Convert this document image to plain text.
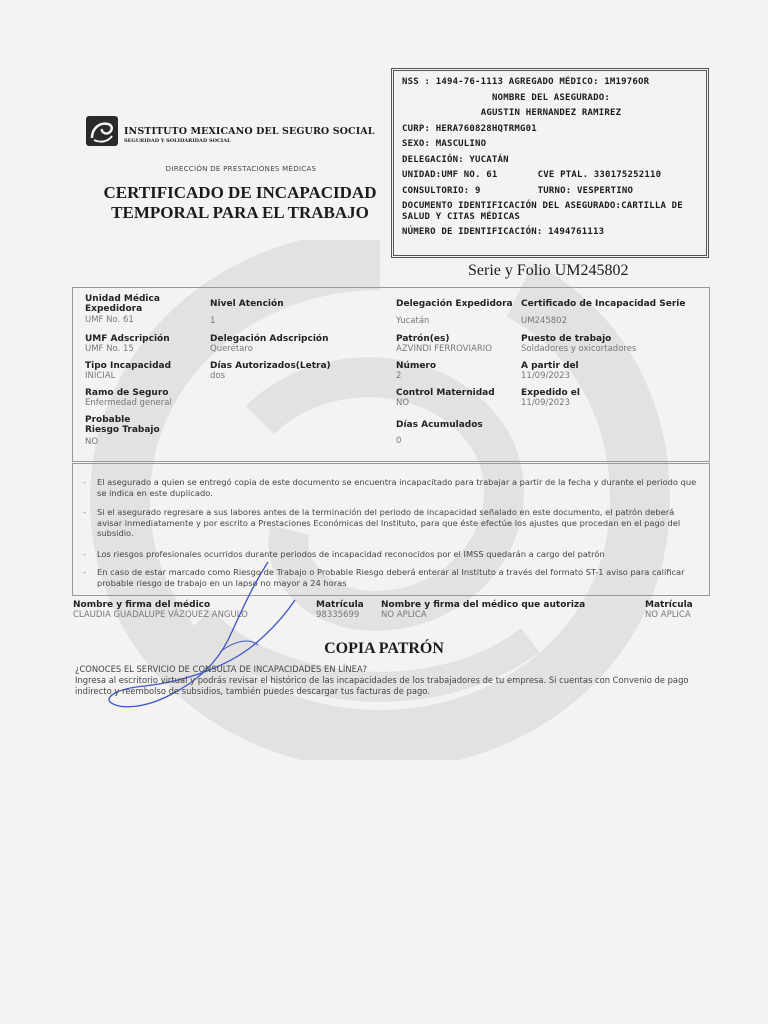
NSS : 1494-76-1113 AGREGADO MÉDICO: 1M1976OR
NOMBRE DEL ASEGURADO:
AGUSTIN HERNANDEZ RAMIREZ
CURP: HERA760828HQTRMG01
SEXO: MASCULINO
DELEGACIÓN: YUCATÁN
UNIDAD:UMF NO. 61	CVE PTAL. 330175252110
CONSULTORIO: 9	TURNO: VESPERTINO
DOCUMENTO IDENTIFICACIÓN DEL ASEGURADO:CARTILLA DE SALUD Y CITAS MÉDICAS
NÚMERO DE IDENTIFICACIÓN: 1494761113
INSTITUTO MEXICANO DEL SEGURO SOCIAL
SEGURIDAD Y SOLIDARIDAD SOCIAL
DIRECCIÓN DE PRESTACIONES MÉDICAS
CERTIFICADO DE INCAPACIDAD
TEMPORAL PARA EL TRABAJO
Serie y Folio UM245802
Unidad Médica Expedidora
UMF No. 61
Nivel Atención
1
Delegación Expedidora
Yucatán
Certificado de Incapacidad Serie
UM245802
UMF Adscripción
UMF No. 15
Delegación Adscripción
Querétaro
Patrón(es)
AZVINDI FERROVIARIO
Puesto de trabajo
Soldadores y oxicortadores
Tipo Incapacidad
INICIAL
Días Autorizados(Letra)
dos
Número
2
A partir del
11/09/2023
Ramo de Seguro
Enfermedad general
Control Maternidad
NO
Expedido el
11/09/2023
Probable Riesgo Trabajo
NO
Días Acumulados
0
- El asegurado a quien se entregó copia de este documento se encuentra incapacitado para trabajar a partir de la fecha y durante el periodo que se indica en este duplicado.
- Si el asegurado regresare a sus labores antes de la terminación del periodo de incapacidad señalado en este documento, el patrón deberá avisar inmediatamente y por escrito a Prestaciones Económicas del Instituto, para que éste efectúe los ajustes que procedan en el pago del subsidio.
- Los riesgos profesionales ocurridos durante periodos de incapacidad reconocidos por el IMSS quedarán a cargo del patrón
- En caso de estar marcado como Riesgo de Trabajo o Probable Riesgo deberá enterar al Instituto a través del formato ST-1 aviso para calificar probable riesgo de trabajo en un lapso no mayor a 24 horas
Nombre y firma del médico
CLAUDIA GUADALUPE VÁZQUEZ ANGULO
Matrícula
98335699
Nombre y firma del médico que autoriza
NO APLICA
Matrícula
NO APLICA
COPIA PATRÓN
¿CONOCES EL SERVICIO DE CONSULTA DE INCAPACIDADES EN LÍNEA?
Ingresa al escritorio virtual y podrás revisar el histórico de las incapacidades de los trabajadores de tu empresa. Si cuentas con Convenio de pago indirecto y reembolso de subsidios, también puedes descargar tus facturas de pago.
